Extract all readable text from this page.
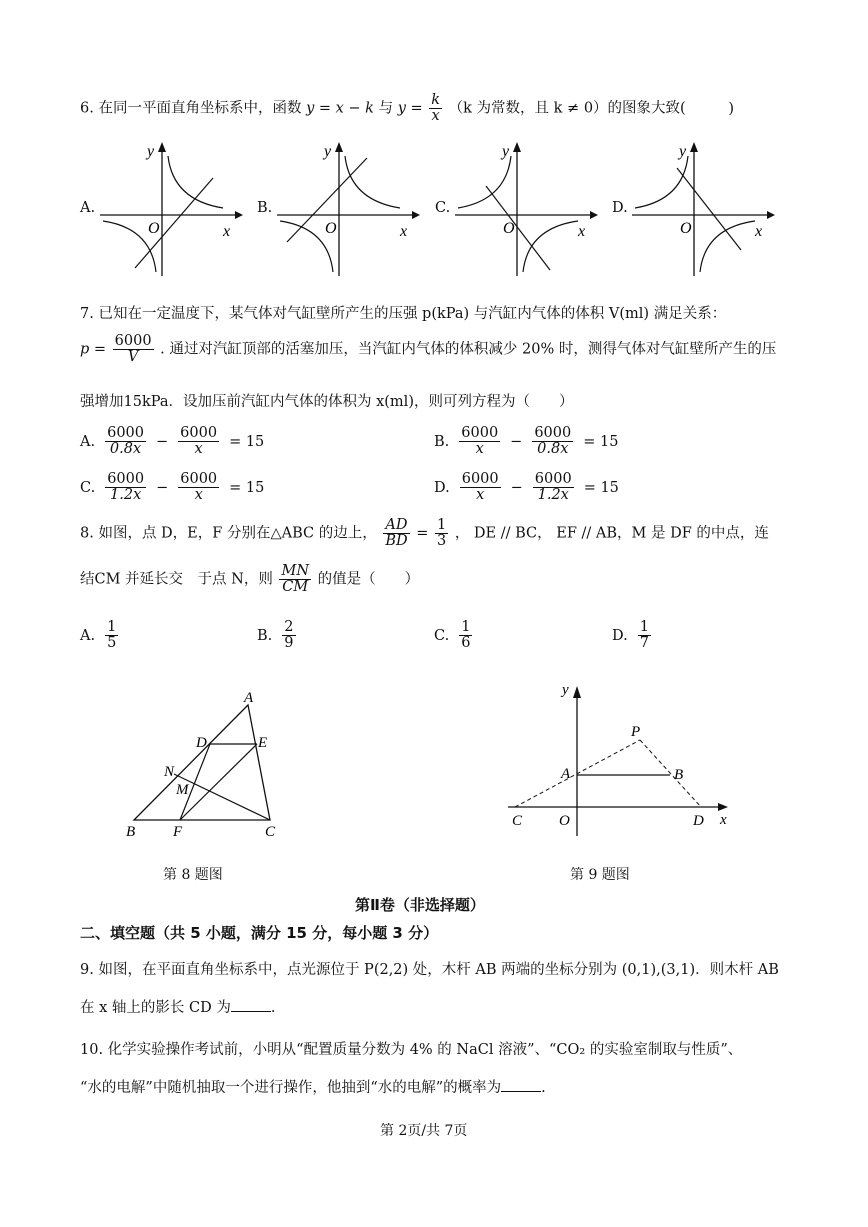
6. 在同一平面直角坐标系中，函数 y = x − k 与 $y = \frac{k}{x} (k$ 为常数，且 k ≠ 0）的图象大致(	)
A.	B.	C.	D.
y
x
O
y
x
O
y
x
O
y
x
O
7. 已知在一定温度下，某气体对气缸壁所产生的压强 p(kPa) 与汽缸内气体的体积 V(ml) 满足关系：
$p = \frac{6000}{V}$ . 通过对汽缸顶部的活塞加压，当汽缸内气体的体积减少 20% 时，测得气体对气缸壁所产生的压
强增加15kPa．设加压前汽缸内气体的体积为 x(ml)，则可列方程为（　　）
A. $\frac{6000}{0.8x} - \frac{6000}{x} = 15$	B. $\frac{6000}{x} - \frac{6000}{0.8x} = 15$
C. $\frac{6000}{1.2x} - \frac{6000}{x} = 15$	D. $\frac{6000}{x} - \frac{6000}{1.2x} = 15$
8. 如图，点 D，E，F 分别在△ABC 的边上， $\frac{AD}{BD} = \frac{1}{3}$ ， DE // BC， EF // AB，M 是 DF 的中点，连
结CM 并延长交　于点 N，则 $\frac{MN}{CM}$ 的值是（　　）
A. $\frac{1}{5}$	B. $\frac{2}{9}$	C. $\frac{1}{6}$	D. $\frac{1}{7}$
A
D	E
N
M
B	F	C
第 8 题图
y
P
A	B
C O	D x
第 9 题图
第Ⅱ卷（非选择题）
二、填空题（共 5 小题，满分 15 分，每小题 3 分）
9. 如图，在平面直角坐标系中，点光源位于 P(2,2) 处，木杆 AB 两端的坐标分别为 (0,1),(3,1)．则木杆 AB
在 x 轴上的影长 CD 为	.
10. 化学实验操作考试前，小明从“配置质量分数为 4% 的 NaCl 溶液”、“CO₂ 的实验室制取与性质”、
“水的电解”中随机抽取一个进行操作，他抽到“水的电解”的概率为	.
第 2页/共 7页
